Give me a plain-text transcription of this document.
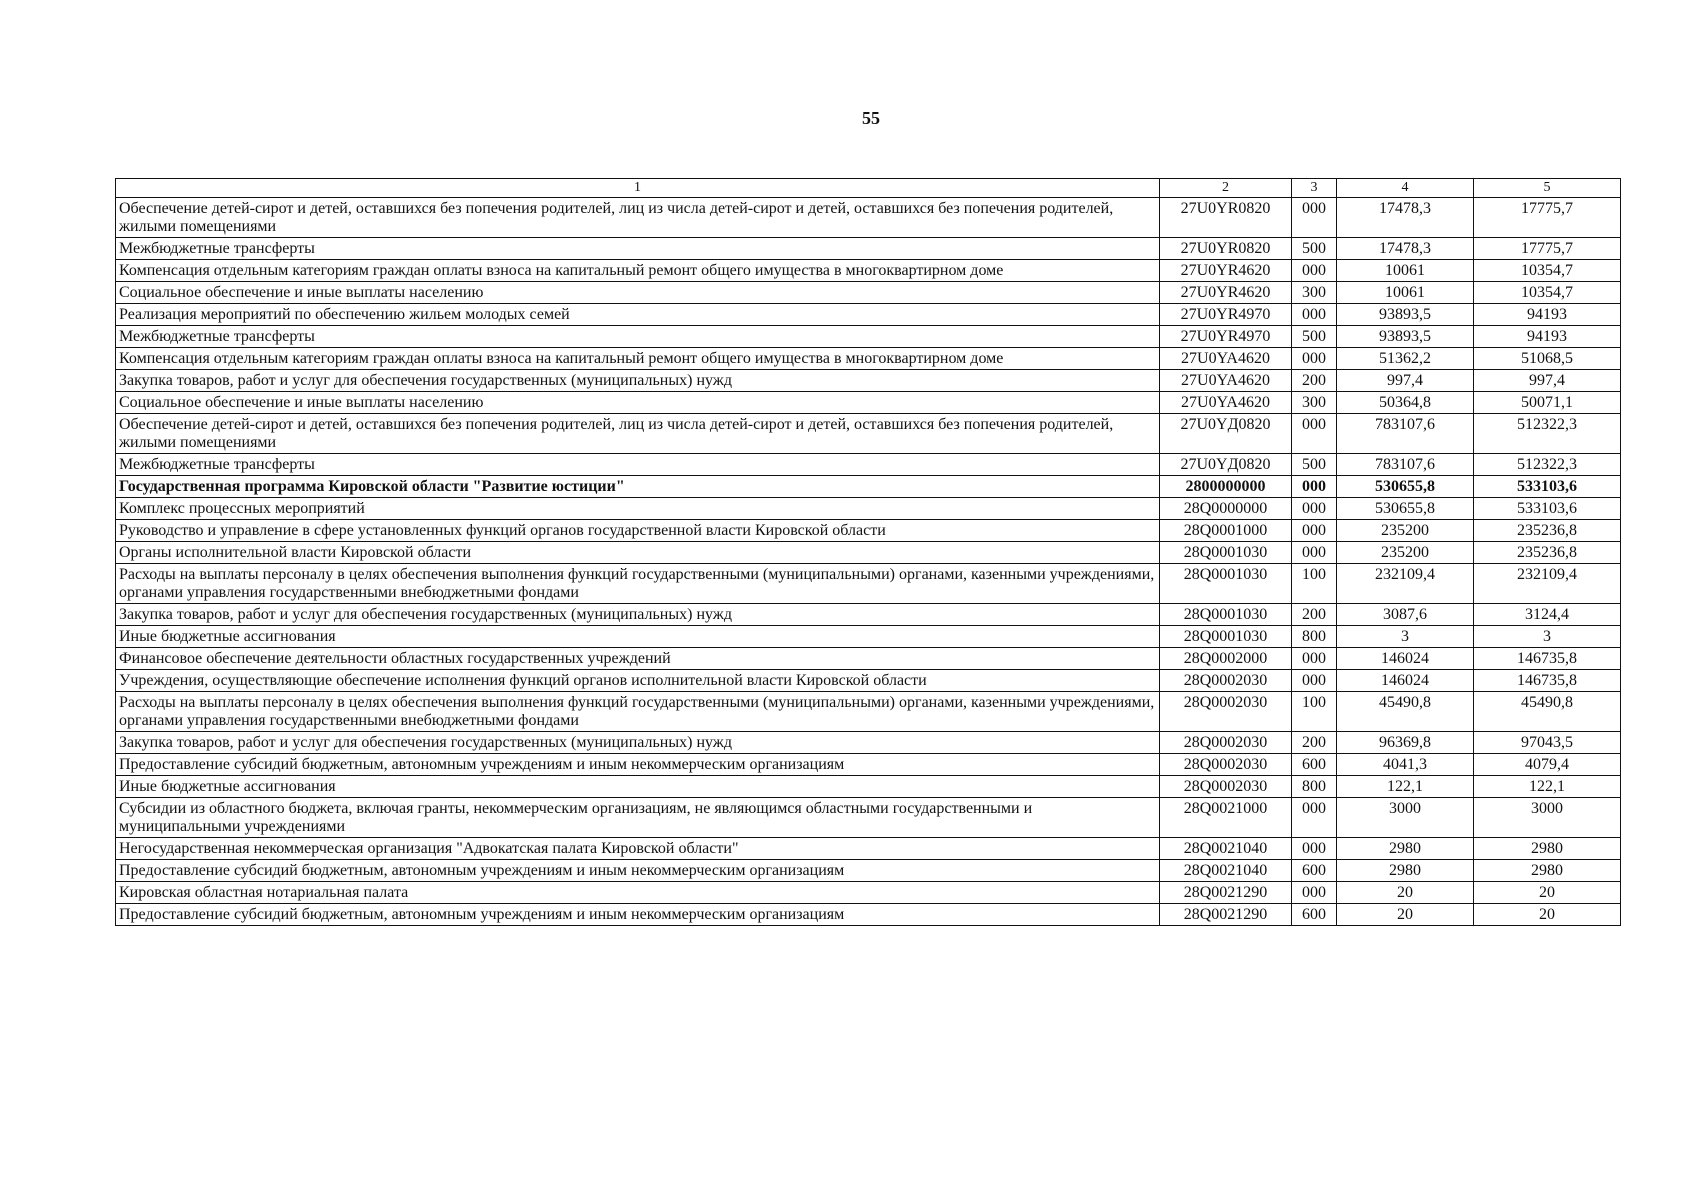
55
1	2	3	4	5
Обеспечение детей-сирот и детей, оставшихся без попечения родителей, лиц из числа детей-сирот и детей, оставшихся без попечения родителей, жилыми помещениями	27U0YR0820	000	17478,3	17775,7
Межбюджетные трансферты	27U0YR0820	500	17478,3	17775,7
Компенсация отдельным категориям граждан оплаты взноса на капитальный ремонт общего имущества в многоквартирном доме	27U0YR4620	000	10061	10354,7
Социальное обеспечение и иные выплаты населению	27U0YR4620	300	10061	10354,7
Реализация мероприятий по обеспечению жильем молодых семей	27U0YR4970	000	93893,5	94193
Межбюджетные трансферты	27U0YR4970	500	93893,5	94193
Компенсация отдельным категориям граждан оплаты взноса на капитальный ремонт общего имущества в многоквартирном доме	27U0YA4620	000	51362,2	51068,5
Закупка товаров, работ и услуг для обеспечения государственных (муниципальных) нужд	27U0YA4620	200	997,4	997,4
Социальное обеспечение и иные выплаты населению	27U0YA4620	300	50364,8	50071,1
Обеспечение детей-сирот и детей, оставшихся без попечения родителей, лиц из числа детей-сирот и детей, оставшихся без попечения родителей, жилыми помещениями	27U0YД0820	000	783107,6	512322,3
Межбюджетные трансферты	27U0YД0820	500	783107,6	512322,3
Государственная программа Кировской области "Развитие юстиции"	2800000000	000	530655,8	533103,6
Комплекс процессных мероприятий	28Q0000000	000	530655,8	533103,6
Руководство и управление в сфере установленных функций органов государственной власти Кировской области	28Q0001000	000	235200	235236,8
Органы исполнительной власти Кировской области	28Q0001030	000	235200	235236,8
Расходы на выплаты персоналу в целях обеспечения выполнения функций государственными (муниципальными) органами, казенными учреждениями, органами управления государственными внебюджетными фондами	28Q0001030	100	232109,4	232109,4
Закупка товаров, работ и услуг для обеспечения государственных (муниципальных) нужд	28Q0001030	200	3087,6	3124,4
Иные бюджетные ассигнования	28Q0001030	800	3	3
Финансовое обеспечение деятельности областных государственных учреждений	28Q0002000	000	146024	146735,8
Учреждения, осуществляющие обеспечение исполнения функций органов исполнительной власти Кировской области	28Q0002030	000	146024	146735,8
Расходы на выплаты персоналу в целях обеспечения выполнения функций государственными (муниципальными) органами, казенными учреждениями, органами управления государственными внебюджетными фондами	28Q0002030	100	45490,8	45490,8
Закупка товаров, работ и услуг для обеспечения государственных (муниципальных) нужд	28Q0002030	200	96369,8	97043,5
Предоставление субсидий бюджетным, автономным учреждениям и иным некоммерческим организациям	28Q0002030	600	4041,3	4079,4
Иные бюджетные ассигнования	28Q0002030	800	122,1	122,1
Субсидии из областного бюджета, включая гранты, некоммерческим организациям, не являющимся областными государственными и муниципальными учреждениями	28Q0021000	000	3000	3000
Негосударственная некоммерческая организация "Адвокатская палата Кировской области"	28Q0021040	000	2980	2980
Предоставление субсидий бюджетным, автономным учреждениям и иным некоммерческим организациям	28Q0021040	600	2980	2980
Кировская областная нотариальная палата	28Q0021290	000	20	20
Предоставление субсидий бюджетным, автономным учреждениям и иным некоммерческим организациям	28Q0021290	600	20	20
